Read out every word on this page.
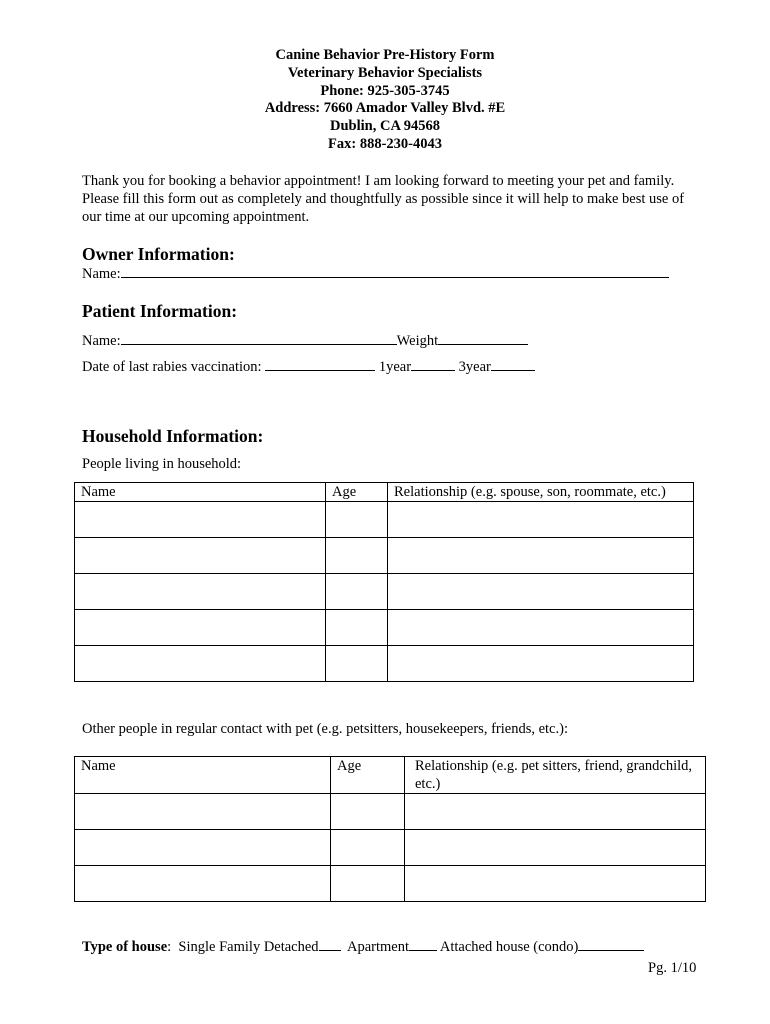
Canine Behavior Pre-History Form
Veterinary Behavior Specialists
Phone: 925-305-3745
Address: 7660 Amador Valley Blvd. #E
Dublin, CA 94568
Fax: 888-230-4043
Thank you for booking a behavior appointment! I am looking forward to meeting your pet and family. Please fill this form out as completely and thoughtfully as possible since it will help to make best use of our time at our upcoming appointment.
Owner Information:
Name:
Patient Information:
Name:	Weight
Date of last rabies vaccination:	1year	3year
Household Information:
People living in household:
Name	Age	Relationship (e.g. spouse, son, roommate, etc.)

Other people in regular contact with pet (e.g. petsitters, housekeepers, friends, etc.):
Name	Age	Relationship (e.g. pet sitters, friend, grandchild, etc.)

Type of house: Single Family Detached Apartment Attached house (condo)
Pg. 1/10
